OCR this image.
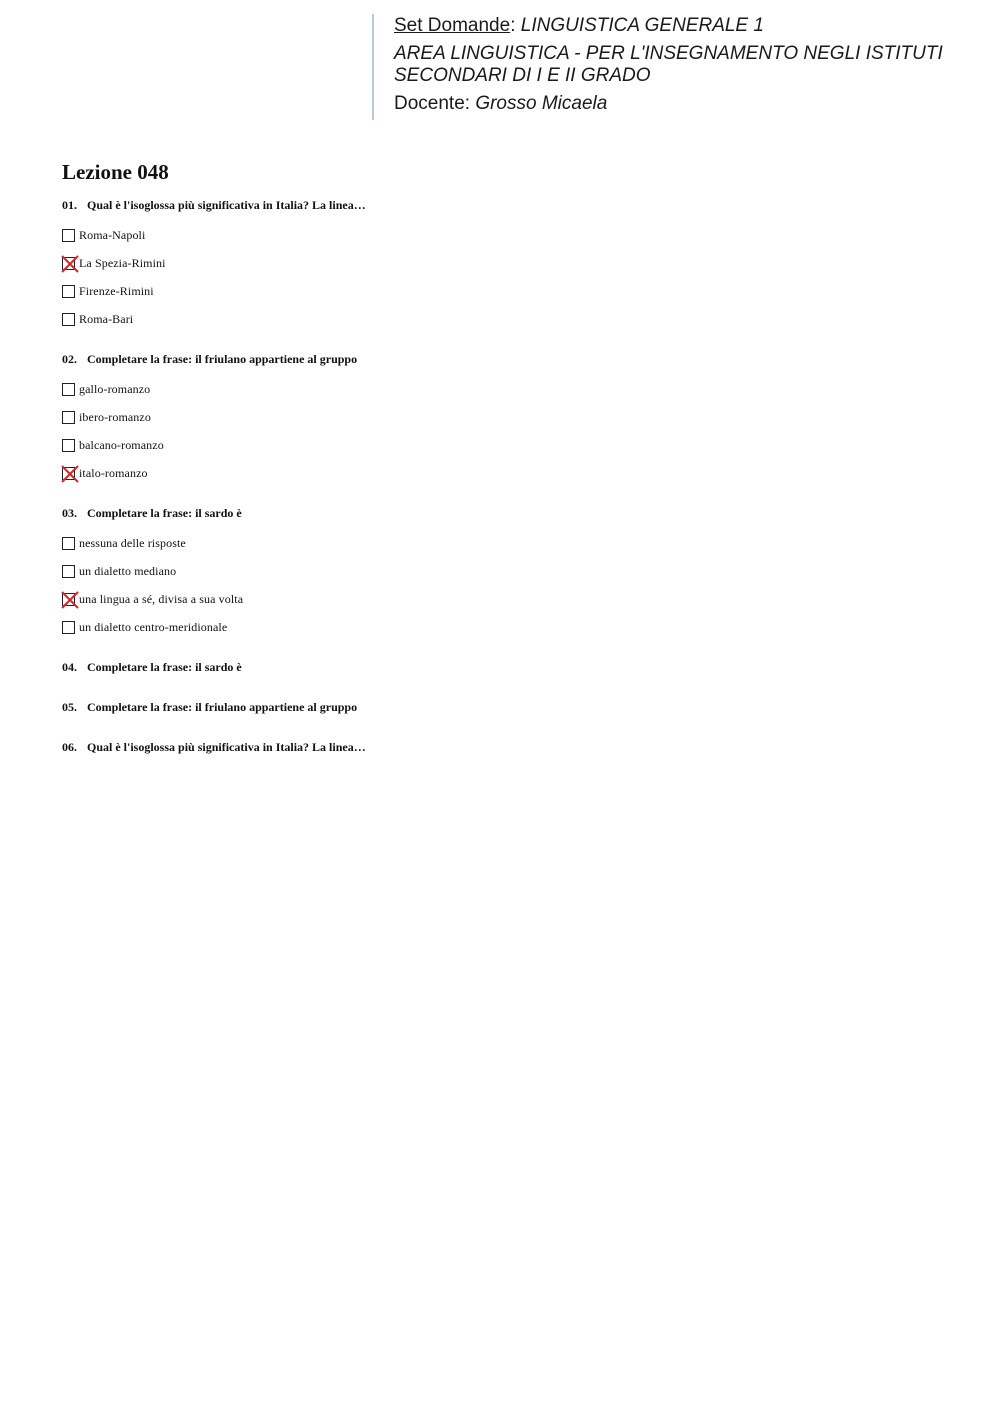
Set Domande: LINGUISTICA GENERALE 1
AREA LINGUISTICA - PER L'INSEGNAMENTO NEGLI ISTITUTI SECONDARI DI I E II GRADO
Docente: Grosso Micaela
Lezione 048
01. Qual è l'isoglossa più significativa in Italia? La linea…
Roma-Napoli
La Spezia-Rimini
Firenze-Rimini
Roma-Bari
02. Completare la frase: il friulano appartiene al gruppo
gallo-romanzo
ibero-romanzo
balcano-romanzo
italo-romanzo
03. Completare la frase: il sardo è
nessuna delle risposte
un dialetto mediano
una lingua a sé, divisa a sua volta
un dialetto centro-meridionale
04. Completare la frase: il sardo è
05. Completare la frase: il friulano appartiene al gruppo
06. Qual è l'isoglossa più significativa in Italia? La linea…
